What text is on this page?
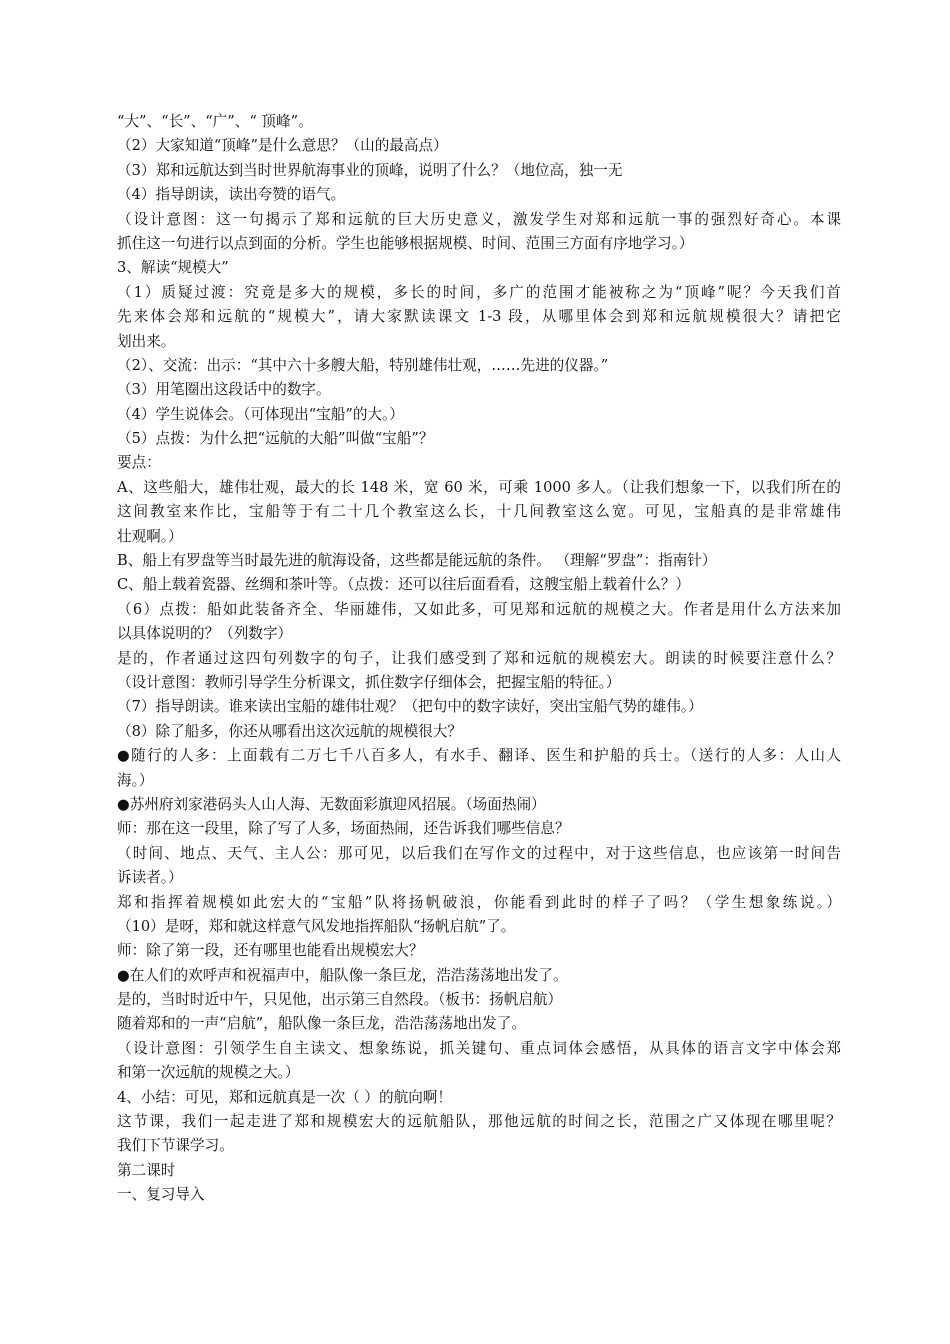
“大”、“长”、“广”、“ 顶峰”。
（2）大家知道“顶峰”是什么意思？（山的最高点）
（3）郑和远航达到当时世界航海事业的顶峰，说明了什么？（地位高，独一无
（4）指导朗读，读出夸赞的语气。
（设计意图：这一句揭示了郑和远航的巨大历史意义，激发学生对郑和远航一事的强烈好奇心。本课
抓住这一句进行以点到面的分析。学生也能够根据规模、时间、范围三方面有序地学习。）
3、解读“规模大”
（1）质疑过渡：究竟是多大的规模，多长的时间，多广的范围才能被称之为“顶峰”呢？今天我们首
先来体会郑和远航的“规模大”，请大家默读课文 1-3 段，从哪里体会到郑和远航规模很大？请把它
划出来。
（2）、交流：出示：“其中六十多艘大船，特别雄伟壮观，……先进的仪器。”
（3）用笔圈出这段话中的数字。
（4）学生说体会。（可体现出“宝船”的大。）
（5）点拨：为什么把“远航的大船”叫做“宝船”？
要点：
A、这些船大，雄伟壮观，最大的长 148 米，宽 60 米，可乘 1000 多人。（让我们想象一下，以我们所在的
这间教室来作比，宝船等于有二十几个教室这么长，十几间教室这么宽。可见，宝船真的是非常雄伟
壮观啊。）
B、船上有罗盘等当时最先进的航海设备，这些都是能远航的条件。 （理解“罗盘”：指南针）
C、船上载着瓷器、丝绸和茶叶等。（点拨：还可以往后面看看，这艘宝船上载着什么？）
（6）点拨：船如此装备齐全、华丽雄伟，又如此多，可见郑和远航的规模之大。作者是用什么方法来加
以具体说明的？（列数字）
是的，作者通过这四句列数字的句子，让我们感受到了郑和远航的规模宏大。朗读的时候要注意什么？
（设计意图：教师引导学生分析课文，抓住数字仔细体会，把握宝船的特征。）
（7）指导朗读。谁来读出宝船的雄伟壮观？（把句中的数字读好，突出宝船气势的雄伟。）
（8）除了船多，你还从哪看出这次远航的规模很大？
●随行的人多：上面载有二万七千八百多人，有水手、翻译、医生和护船的兵士。（送行的人多：人山人
海。）
●苏州府刘家港码头人山人海、无数面彩旗迎风招展。（场面热闹）
师：那在这一段里，除了写了人多，场面热闹，还告诉我们哪些信息？
（时间、地点、天气、主人公：那可见，以后我们在写作文的过程中，对于这些信息，也应该第一时间告
诉读者。）
郑和指挥着规模如此宏大的“宝船”队将扬帆破浪，你能看到此时的样子了吗？（学生想象练说。）
（10）是呀，郑和就这样意气风发地指挥船队“扬帆启航”了。
师：除了第一段，还有哪里也能看出规模宏大？
●在人们的欢呼声和祝福声中，船队像一条巨龙，浩浩荡荡地出发了。
是的，当时时近中午，只见他，出示第三自然段。（板书：扬帆启航）
随着郑和的一声“启航”，船队像一条巨龙，浩浩荡荡地出发了。
（设计意图：引领学生自主读文、想象练说，抓关键句、重点词体会感悟，从具体的语言文字中体会郑
和第一次远航的规模之大。）
4、小结：可见，郑和远航真是一次（ ）的航向啊！
这节课，我们一起走进了郑和规模宏大的远航船队，那他远航的时间之长，范围之广又体现在哪里呢？
我们下节课学习。
第二课时
一、复习导入
